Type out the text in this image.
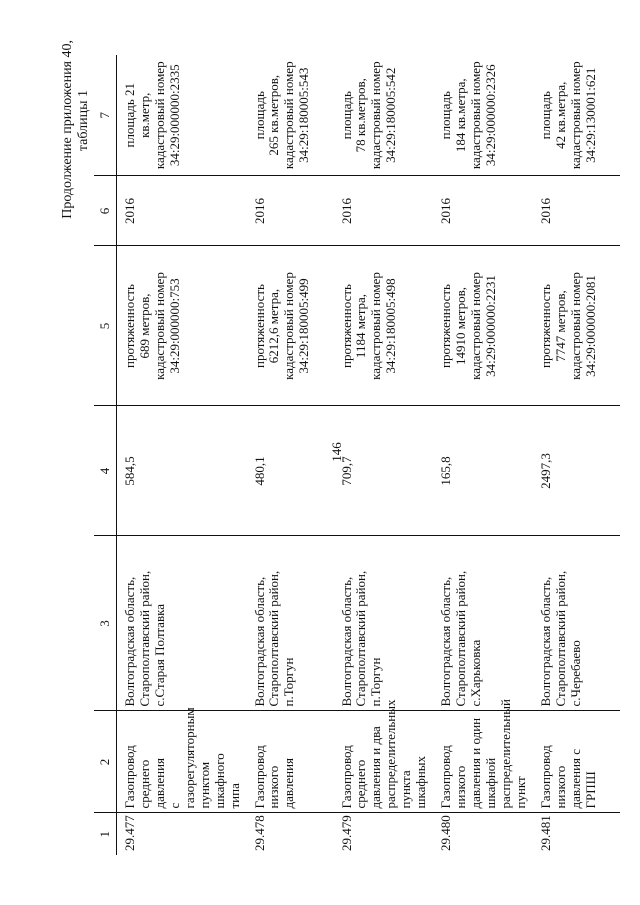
146
Продолжение приложения 40, таблицы 1
1	2	3	4	5	6	7
29.477	Газопровод среднего
давления
с газорегуляторным
пунктом шкафного
типа	Волгоградская область,
Старополтавский район,
с.Старая Полтавка	584,5	протяженность
689 метров,
кадастровый номер
34:29:000000:753	2016	площадь 21 кв.метр,
кадастровый номер
34:29:000000:2335
29.478	Газопровод низкого
давления	Волгоградская область,
Старополтавский район,
п.Торгун	480,1	протяженность
6212,6 метра,
кадастровый номер
34:29:180005:499	2016	площадь
265 кв.метров,
кадастровый номер
34:29:180005:543
29.479	Газопровод среднего
давления и два
распределительных
пункта шкафных	Волгоградская область,
Старополтавский район,
п.Торгун	709,7	протяженность
1184 метра,
кадастровый номер
34:29:180005:498	2016	площадь
78 кв.метров,
кадастровый номер
34:29:180005:542
29.480	Газопровод низкого
давления и один
шкафной
распределительный
пункт	Волгоградская область,
Старополтавский район,
с.Харьковка	165,8	протяженность
14910 метров,
кадастровый номер
34:29:000000:2231	2016	площадь
184 кв.метра,
кадастровый номер
34:29:000000:2326
29.481	Газопровод низкого
давления с ГРПШ	Волгоградская область,
Старополтавский район,
с.Черебаево	2497,3	протяженность
7747 метров,
кадастровый номер
34:29:000000:2081	2016	площадь
42 кв.метра,
кадастровый номер
34:29:130001:621
